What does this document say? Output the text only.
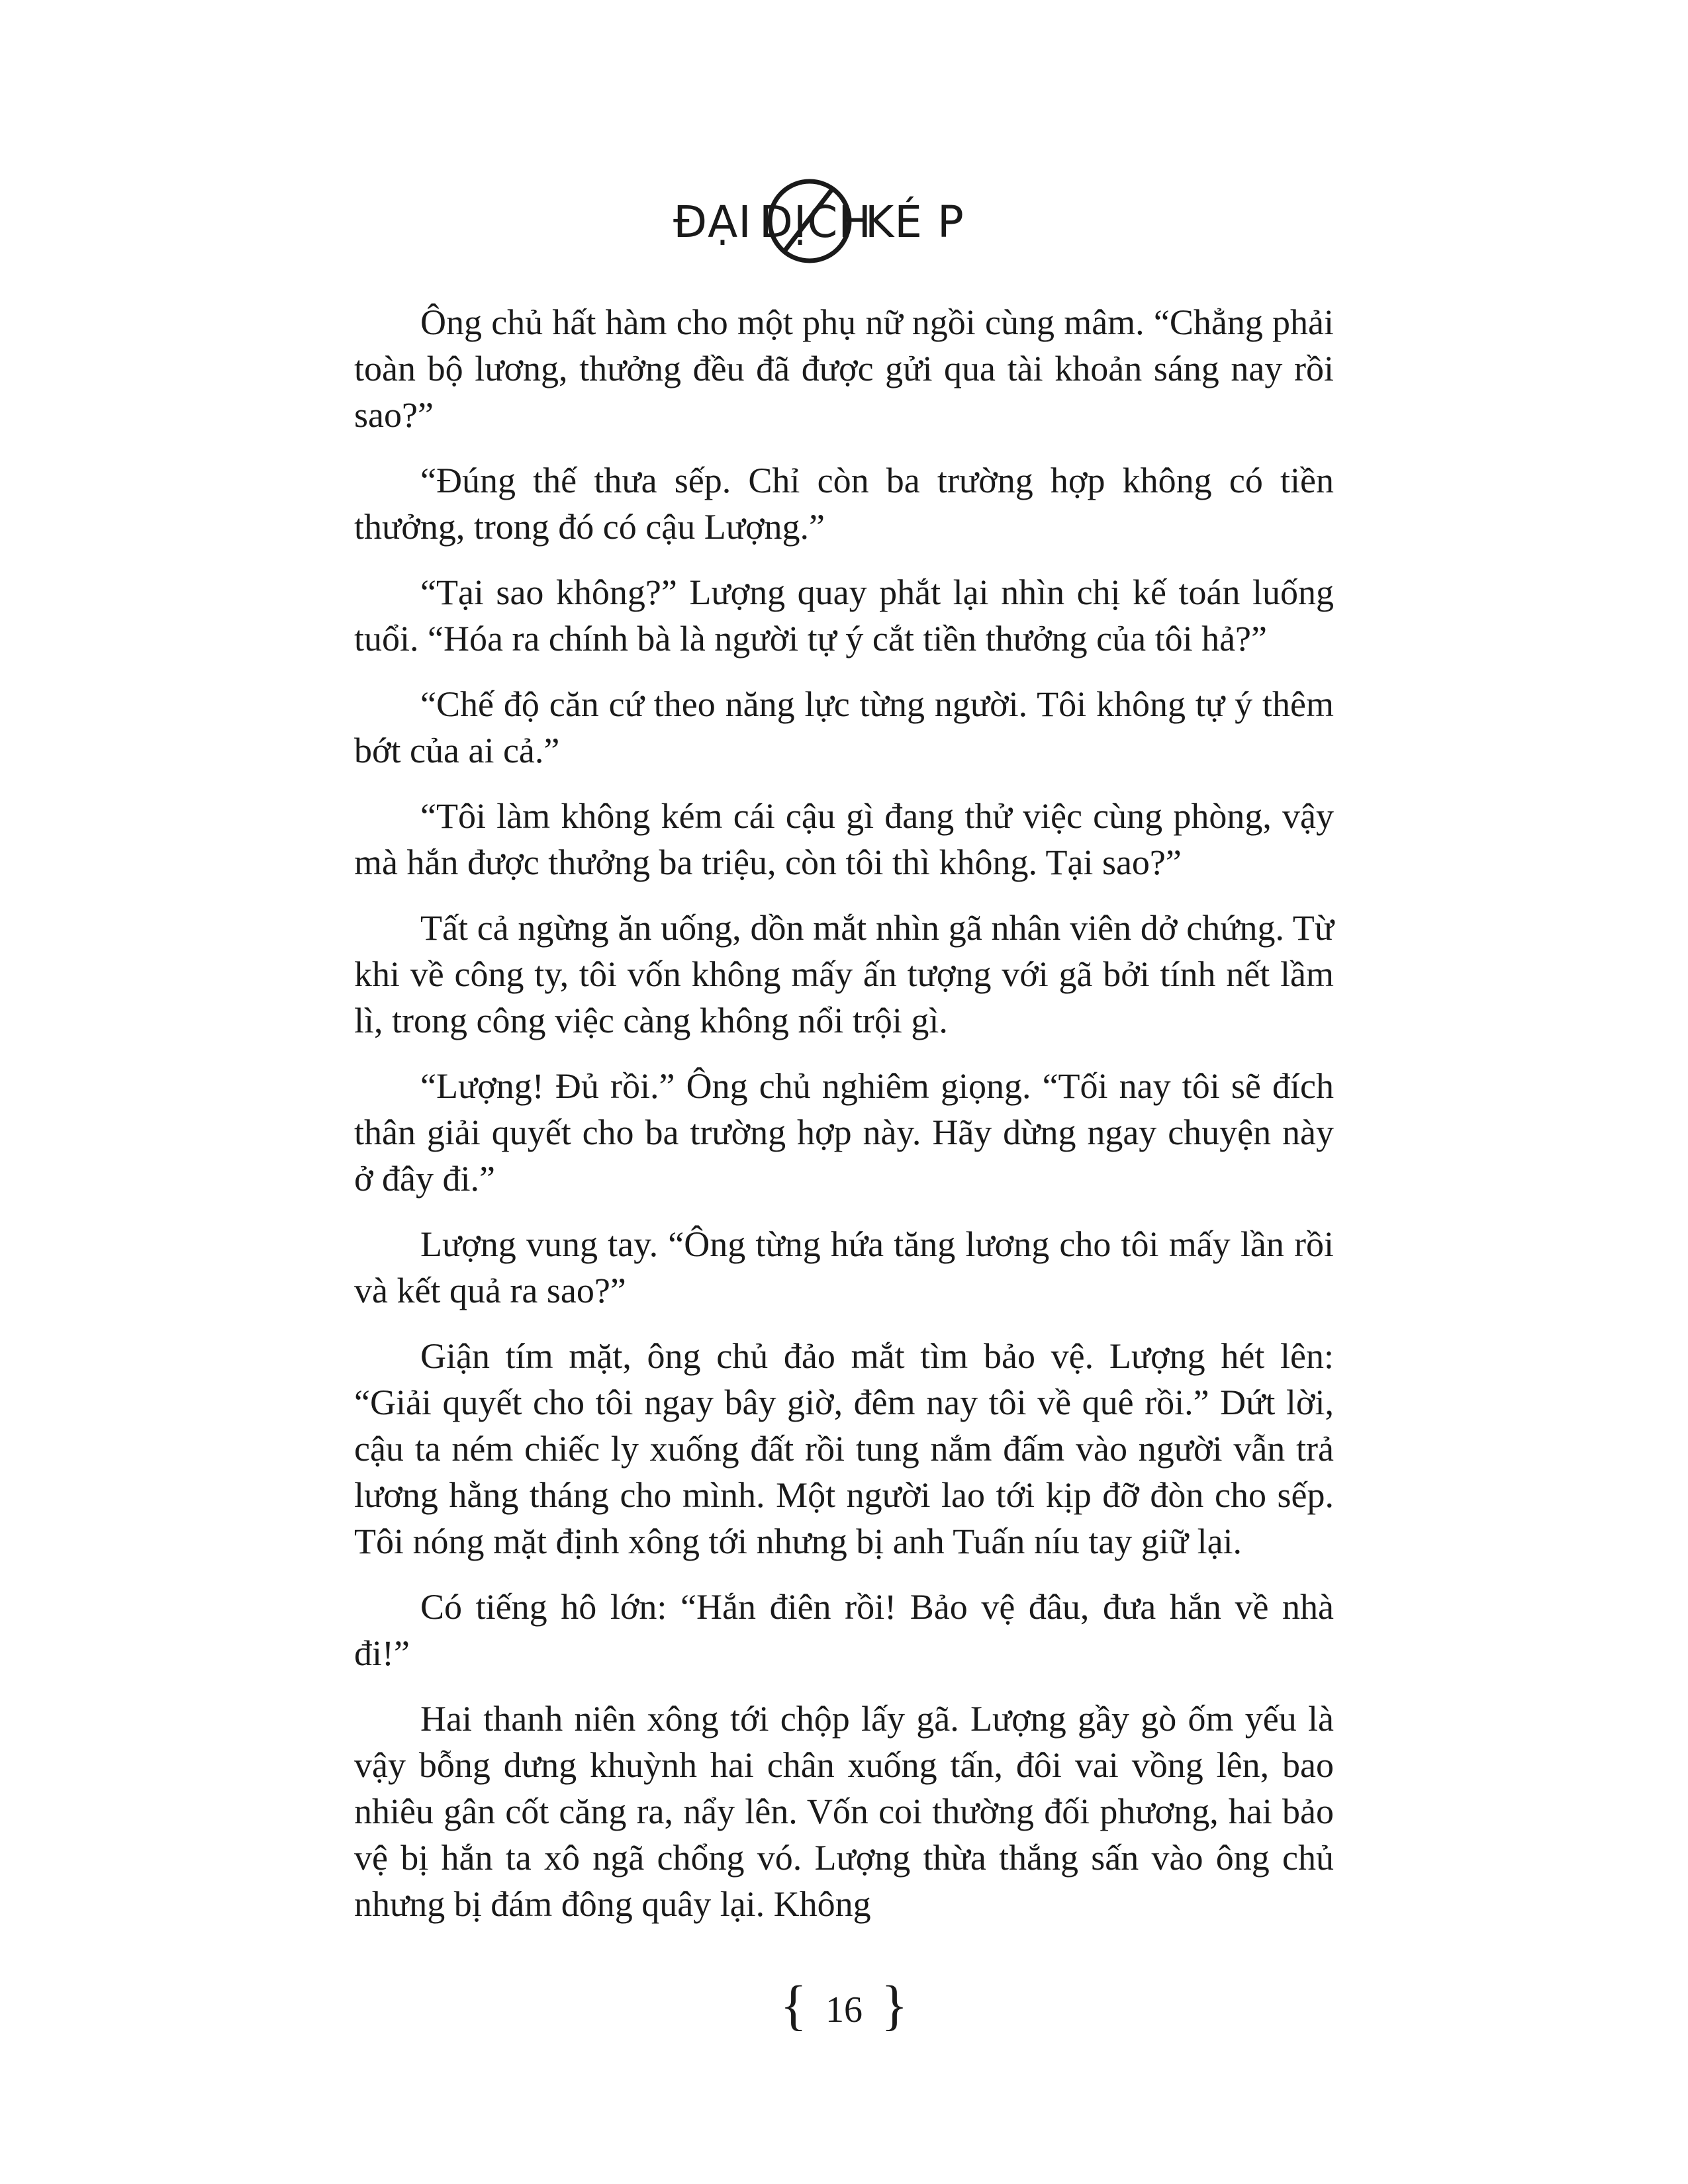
ĐẠI DỊCH
KÉ P

Ông chủ hất hàm cho một phụ nữ ngồi cùng mâm. “Chẳng phải toàn bộ lương, thưởng đều đã được gửi qua tài khoản sáng nay rồi sao?”

“Đúng thế thưa sếp. Chỉ còn ba trường hợp không có tiền thưởng, trong đó có cậu Lượng.”

“Tại sao không?” Lượng quay phắt lại nhìn chị kế toán luống tuổi. “Hóa ra chính bà là người tự ý cắt tiền thưởng của tôi hả?”

“Chế độ căn cứ theo năng lực từng người. Tôi không tự ý thêm bớt của ai cả.”

“Tôi làm không kém cái cậu gì đang thử việc cùng phòng, vậy mà hắn được thưởng ba triệu, còn tôi thì không. Tại sao?”

Tất cả ngừng ăn uống, dồn mắt nhìn gã nhân viên dở chứng. Từ khi về công ty, tôi vốn không mấy ấn tượng với gã bởi tính nết lầm lì, trong công việc càng không nổi trội gì.

“Lượng! Đủ rồi.” Ông chủ nghiêm giọng. “Tối nay tôi sẽ đích thân giải quyết cho ba trường hợp này. Hãy dừng ngay chuyện này ở đây đi.”

Lượng vung tay. “Ông từng hứa tăng lương cho tôi mấy lần rồi và kết quả ra sao?”

Giận tím mặt, ông chủ đảo mắt tìm bảo vệ. Lượng hét lên: “Giải quyết cho tôi ngay bây giờ, đêm nay tôi về quê rồi.” Dứt lời, cậu ta ném chiếc ly xuống đất rồi tung nắm đấm vào người vẫn trả lương hằng tháng cho mình. Một người lao tới kịp đỡ đòn cho sếp. Tôi nóng mặt định xông tới nhưng bị anh Tuấn níu tay giữ lại.

Có tiếng hô lớn: “Hắn điên rồi! Bảo vệ đâu, đưa hắn về nhà đi!”

Hai thanh niên xông tới chộp lấy gã. Lượng gầy gò ốm yếu là vậy bỗng dưng khuỳnh hai chân xuống tấn, đôi vai vồng lên, bao nhiêu gân cốt căng ra, nẩy lên. Vốn coi thường đối phương, hai bảo vệ bị hắn ta xô ngã chổng vó. Lượng thừa thắng sấn vào ông chủ nhưng bị đám đông quây lại. Không

{ 16 }
